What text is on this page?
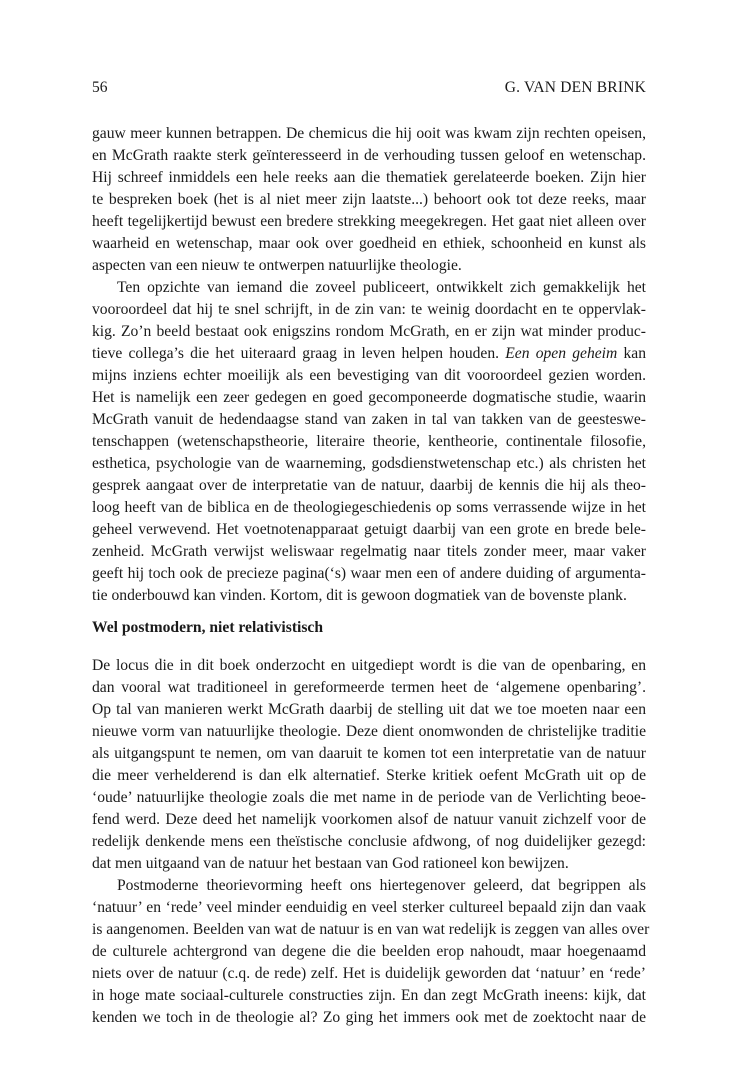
56	G. VAN DEN BRINK
gauw meer kunnen betrappen. De chemicus die hij ooit was kwam zijn rechten opeisen,
en McGrath raakte sterk geïnteresseerd in de verhouding tussen geloof en wetenschap.
Hij schreef inmiddels een hele reeks aan die thematiek gerelateerde boeken. Zijn hier
te bespreken boek (het is al niet meer zijn laatste...) behoort ook tot deze reeks, maar
heeft tegelijkertijd bewust een bredere strekking meegekregen. Het gaat niet alleen over
waarheid en wetenschap, maar ook over goedheid en ethiek, schoonheid en kunst als
aspecten van een nieuw te ontwerpen natuurlijke theologie.
Ten opzichte van iemand die zoveel publiceert, ontwikkelt zich gemakkelijk het
vooroordeel dat hij te snel schrijft, in de zin van: te weinig doordacht en te oppervlak-
kig. Zo’n beeld bestaat ook enigszins rondom McGrath, en er zijn wat minder produc-
tieve collega’s die het uiteraard graag in leven helpen houden. Een open geheim kan
mijns inziens echter moeilijk als een bevestiging van dit vooroordeel gezien worden.
Het is namelijk een zeer gedegen en goed gecomponeerde dogmatische studie, waarin
McGrath vanuit de hedendaagse stand van zaken in tal van takken van de geesteswe-
tenschappen (wetenschapstheorie, literaire theorie, kentheorie, continentale filosofie,
esthetica, psychologie van de waarneming, godsdienstwetenschap etc.) als christen het
gesprek aangaat over de interpretatie van de natuur, daarbij de kennis die hij als theo-
loog heeft van de biblica en de theologiegeschiedenis op soms verrassende wijze in het
geheel verwevend. Het voetnotenapparaat getuigt daarbij van een grote en brede bele-
zenheid. McGrath verwijst weliswaar regelmatig naar titels zonder meer, maar vaker
geeft hij toch ook de precieze pagina(‘s) waar men een of andere duiding of argumenta-
tie onderbouwd kan vinden. Kortom, dit is gewoon dogmatiek van de bovenste plank.
Wel postmodern, niet relativistisch
De locus die in dit boek onderzocht en uitgediept wordt is die van de openbaring, en
dan vooral wat traditioneel in gereformeerde termen heet de ‘algemene openbaring’.
Op tal van manieren werkt McGrath daarbij de stelling uit dat we toe moeten naar een
nieuwe vorm van natuurlijke theologie. Deze dient onomwonden de christelijke traditie
als uitgangspunt te nemen, om van daaruit te komen tot een interpretatie van de natuur
die meer verhelderend is dan elk alternatief. Sterke kritiek oefent McGrath uit op de
‘oude’ natuurlijke theologie zoals die met name in de periode van de Verlichting beoe-
fend werd. Deze deed het namelijk voorkomen alsof de natuur vanuit zichzelf voor de
redelijk denkende mens een theïstische conclusie afdwong, of nog duidelijker gezegd:
dat men uitgaand van de natuur het bestaan van God rationeel kon bewijzen.
Postmoderne theorievorming heeft ons hiertegenover geleerd, dat begrippen als
‘natuur’ en ‘rede’ veel minder eenduidig en veel sterker cultureel bepaald zijn dan vaak
is aangenomen. Beelden van wat de natuur is en van wat redelijk is zeggen van alles over
de culturele achtergrond van degene die die beelden erop nahoudt, maar hoegenaamd
niets over de natuur (c.q. de rede) zelf. Het is duidelijk geworden dat ‘natuur’ en ‘rede’
in hoge mate sociaal-culturele constructies zijn. En dan zegt McGrath ineens: kijk, dat
kenden we toch in de theologie al? Zo ging het immers ook met de zoektocht naar de
